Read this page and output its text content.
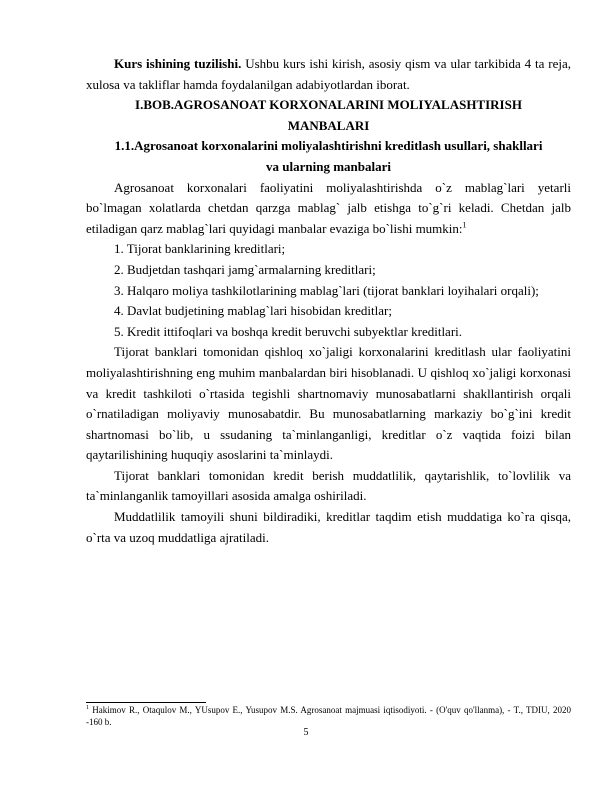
Kurs ishining tuzilishi. Ushbu kurs ishi kirish, asosiy qism va ular tarkibida 4 ta reja, xulosa va takliflar hamda foydalanilgan adabiyotlardan iborat.

I.BOB.AGROSANOAT KORXONALARINI MOLIYALASHTIRISH MANBALARI

1.1.Agrosanoat korxonalarini moliyalashtirishni kreditlash usullari, shakllari va ularning manbalari

Agrosanoat korxonalari faoliyatini moliyalashtirishda o`z mablag`lari yetarli bo`lmagan xolatlarda chetdan qarzga mablag` jalb etishga to`g`ri keladi. Chetdan jalb etiladigan qarz mablag`lari quyidagi manbalar evaziga bo`lishi mumkin:$^1$

1. Tijorat banklarining kreditlari;

2. Budjetdan tashqari jamg`armalarning kreditlari;

3. Halqaro moliya tashkilotlarining mablag`lari (tijorat banklari loyihalari orqali);

4. Davlat budjetining mablag`lari hisobidan kreditlar;

5. Kredit ittifoqlari va boshqa kredit beruvchi subyektlar kreditlari.

Tijorat banklari tomonidan qishloq xo`jaligi korxonalarini kreditlash ular faoliyatini moliyalashtirishning eng muhim manbalardan biri hisoblanadi. U qishloq xo`jaligi korxonasi va kredit tashkiloti o`rtasida tegishli shartnomaviy munosabatlarni shakllantirish orqali o`rnatiladigan moliyaviy munosabatdir. Bu munosabatlarning markaziy bo`g`ini kredit shartnomasi bo`lib, u ssudaning ta`minlanganligi, kreditlar o`z vaqtida foizi bilan qaytarilishining huquqiy asoslarini ta`minlaydi.

Tijorat banklari tomonidan kredit berish muddatlilik, qaytarishlik, to`lovlilik va ta`minlanganlik tamoyillari asosida amalga oshiriladi.

Muddatlilik tamoyili shuni bildiradiki, kreditlar taqdim etish muddatiga ko`ra qisqa, o`rta va uzoq muddatliga ajratiladi.

$^1$ Hakimov R., Otaqulov M., YUsupov E., Yusupov M.S. Agrosanoat majmuasi iqtisodiyoti. - (O'quv qo'llanma), - T., TDIU, 2020 -160 b.
5
